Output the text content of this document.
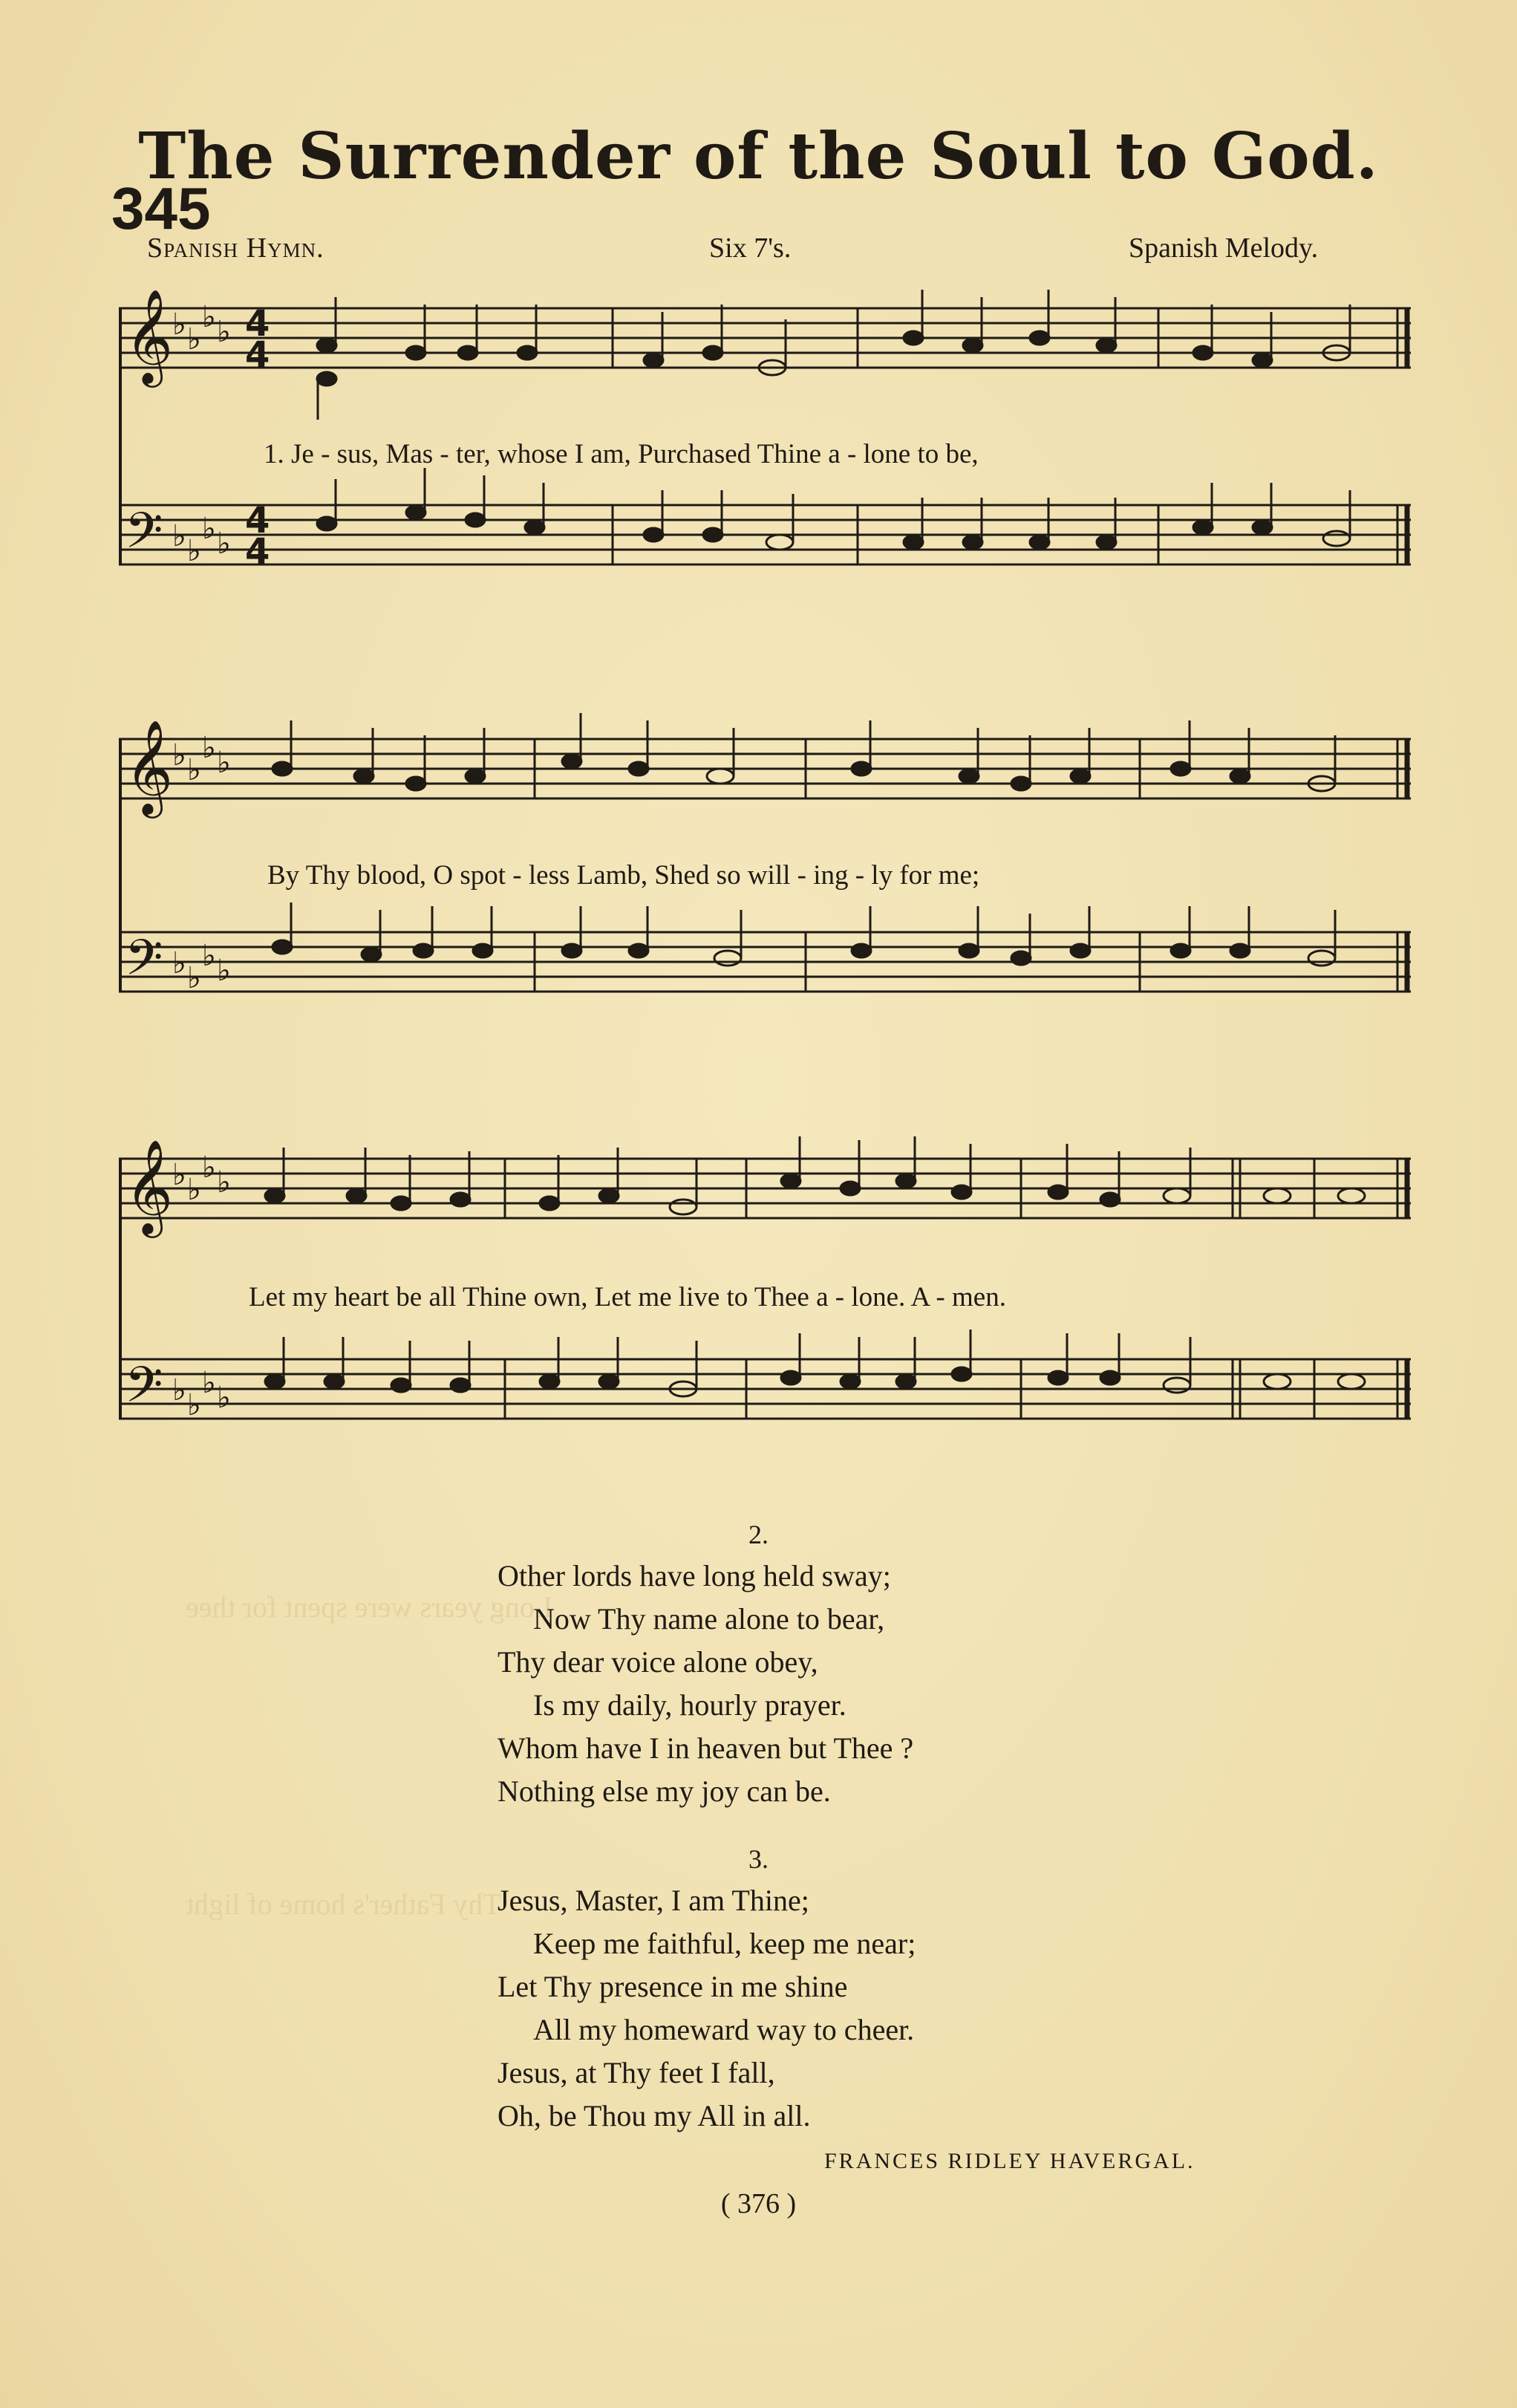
Long years were spent for thee
Thy Father's home of light
The Surrender of the Soul to God.
345
Spanish Hymn.	Six 7's.	Spanish Melody.
𝄞
𝄢
♭ ♭
♭ ♭
♭ ♭
♭ ♭
4
4
4
4
1. Je - sus, Mas - ter, whose I am, Purchased Thine a - lone to be,
𝄞
𝄢
♭ ♭
♭ ♭
♭ ♭
♭ ♭
By Thy blood, O spot - less Lamb, Shed so will - ing - ly for me;
𝄞
𝄢
♭ ♭
♭ ♭
♭ ♭
♭ ♭
Let my heart be all Thine own, Let me live to Thee a - lone. A - men.
2.
Other lords have long held sway;
Now Thy name alone to bear,
Thy dear voice alone obey,
Is my daily, hourly prayer.
Whom have I in heaven but Thee ?
Nothing else my joy can be.
3.
Jesus, Master, I am Thine;
Keep me faithful, keep me near;
Let Thy presence in me shine
All my homeward way to cheer.
Jesus, at Thy feet I fall,
Oh, be Thou my All in all.
FRANCES RIDLEY HAVERGAL.
( 376 )
